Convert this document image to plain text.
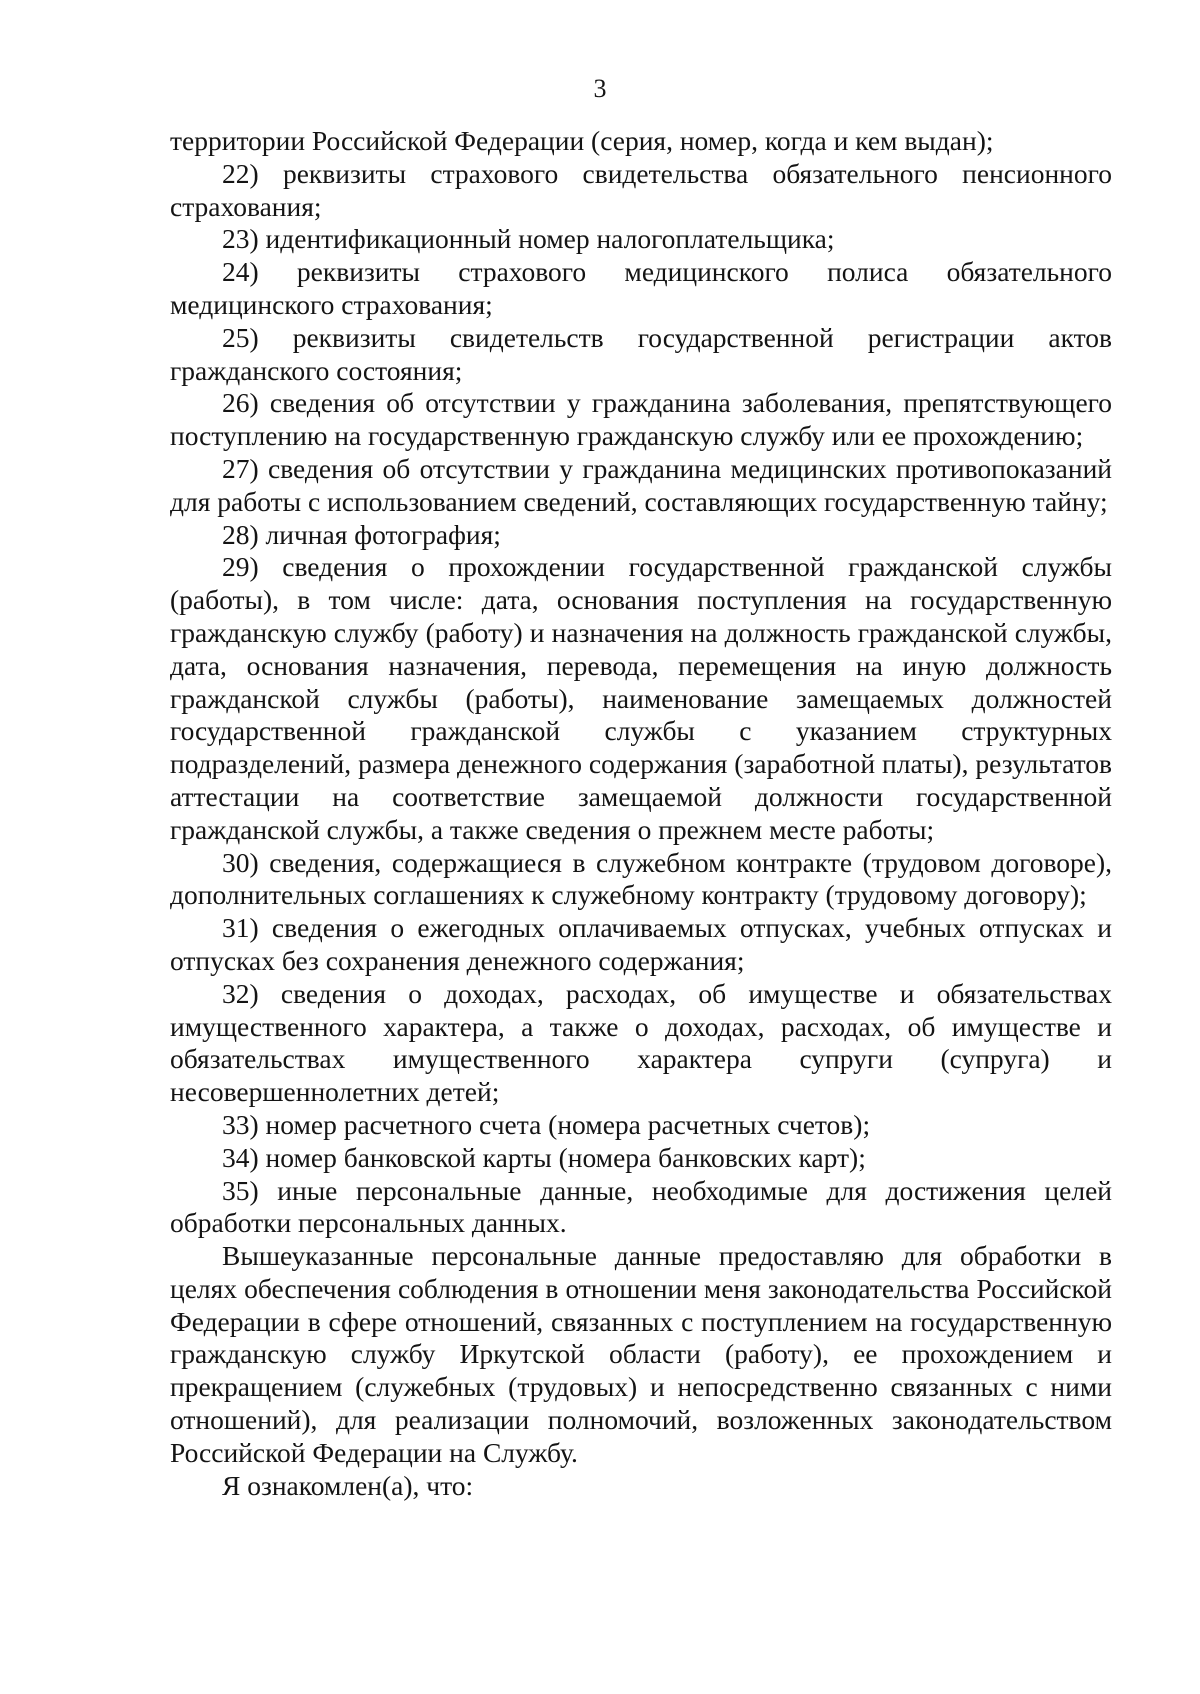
3

территории Российской Федерации (серия, номер, когда и кем выдан);

22) реквизиты страхового свидетельства обязательного пенсионного страхования;

23) идентификационный номер налогоплательщика;

24) реквизиты страхового медицинского полиса обязательного медицинского страхования;

25) реквизиты свидетельств государственной регистрации актов гражданского состояния;

26) сведения об отсутствии у гражданина заболевания, препятствующего поступлению на государственную гражданскую службу или ее прохождению;

27) сведения об отсутствии у гражданина медицинских противопоказаний для работы с использованием сведений, составляющих государственную тайну;

28) личная фотография;

29) сведения о прохождении государственной гражданской службы (работы), в том числе: дата, основания поступления на государственную гражданскую службу (работу) и назначения на должность гражданской службы, дата, основания назначения, перевода, перемещения на иную должность гражданской службы (работы), наименование замещаемых должностей государственной гражданской службы с указанием структурных подразделений, размера денежного содержания (заработной платы), результатов аттестации на соответствие замещаемой должности государственной гражданской службы, а также сведения о прежнем месте работы;

30) сведения, содержащиеся в служебном контракте (трудовом договоре), дополнительных соглашениях к служебному контракту (трудовому договору);

31) сведения о ежегодных оплачиваемых отпусках, учебных отпусках и отпусках без сохранения денежного содержания;

32) сведения о доходах, расходах, об имуществе и обязательствах имущественного характера, а также о доходах, расходах, об имуществе и обязательствах имущественного характера супруги (супруга) и несовершеннолетних детей;

33) номер расчетного счета (номера расчетных счетов);

34) номер банковской карты (номера банковских карт);

35) иные персональные данные, необходимые для достижения целей обработки персональных данных.

Вышеуказанные персональные данные предоставляю для обработки в целях обеспечения соблюдения в отношении меня законодательства Российской Федерации в сфере отношений, связанных с поступлением на государственную гражданскую службу Иркутской области (работу), ее прохождением и прекращением (служебных (трудовых) и непосредственно связанных с ними отношений), для реализации полномочий, возложенных законодательством Российской Федерации на Службу.

Я ознакомлен(а), что:
